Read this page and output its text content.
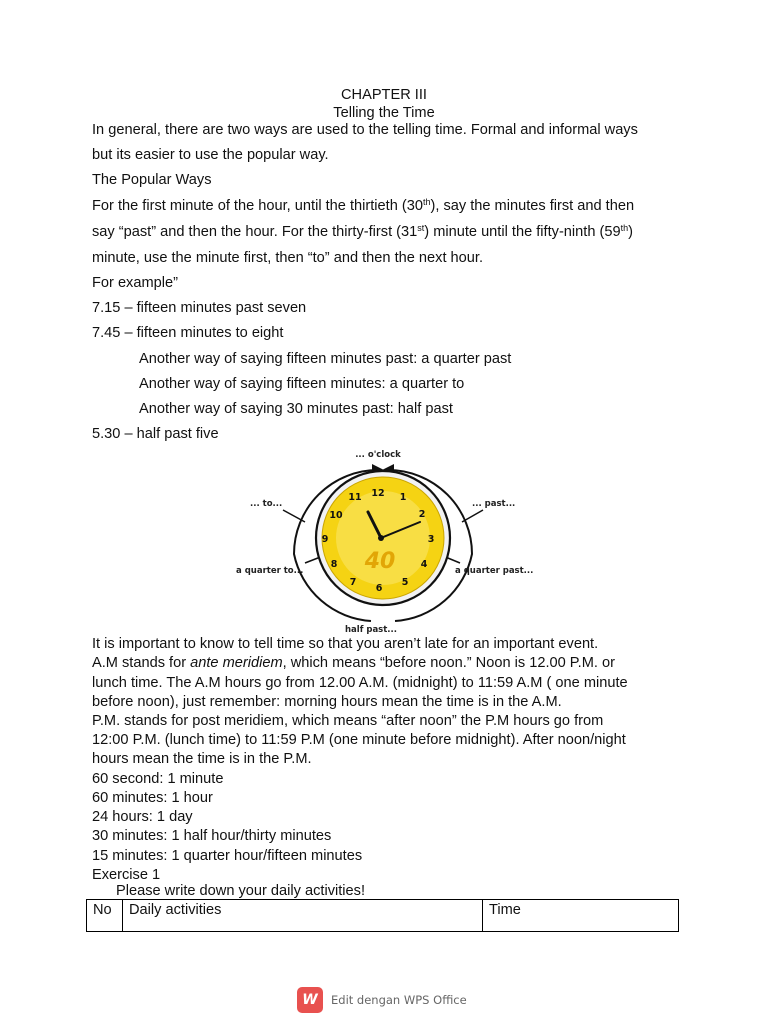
CHAPTER III
Telling the Time
In general, there are two ways are used to the telling time. Formal and informal ways
but its easier to use the popular way.
The Popular Ways
For the first minute of the hour, until the thirtieth (30th), say the minutes first and then
say “past” and then the hour. For the thirty-first (31st) minute until the fifty-ninth (59th)
minute, use the minute first, then “to” and then the next hour.
For example”
7.15 – fifteen minutes past seven
7.45 – fifteen minutes to eight
Another way of saying fifteen minutes past: a quarter past
Another way of saying fifteen minutes: a quarter to
Another way of saying 30 minutes past: half past
5.30 – half past five
40
12 1
2
3
4
5
6
7
8
9
10
11
... o'clock
... to...	... past...
a quarter to...	a quarter past...
half past...
It is important to know to tell time so that you aren’t late for an important event.
A.M stands for ante meridiem, which means “before noon.” Noon is 12.00 P.M. or
lunch time. The A.M hours go from 12.00 A.M. (midnight) to 11:59 A.M ( one minute
before noon), just remember: morning hours mean the time is in the A.M.
P.M. stands for post meridiem, which means “after noon” the P.M hours go from
12:00 P.M. (lunch time) to 11:59 P.M (one minute before midnight). After noon/night
hours mean the time is in the P.M.
60 second: 1 minute
60 minutes: 1 hour
24 hours: 1 day
30 minutes: 1 half hour/thirty minutes
15 minutes: 1 quarter hour/fifteen minutes
Exercise 1
Please write down your daily activities!
No	Daily activities	Time
W	Edit dengan WPS Office
